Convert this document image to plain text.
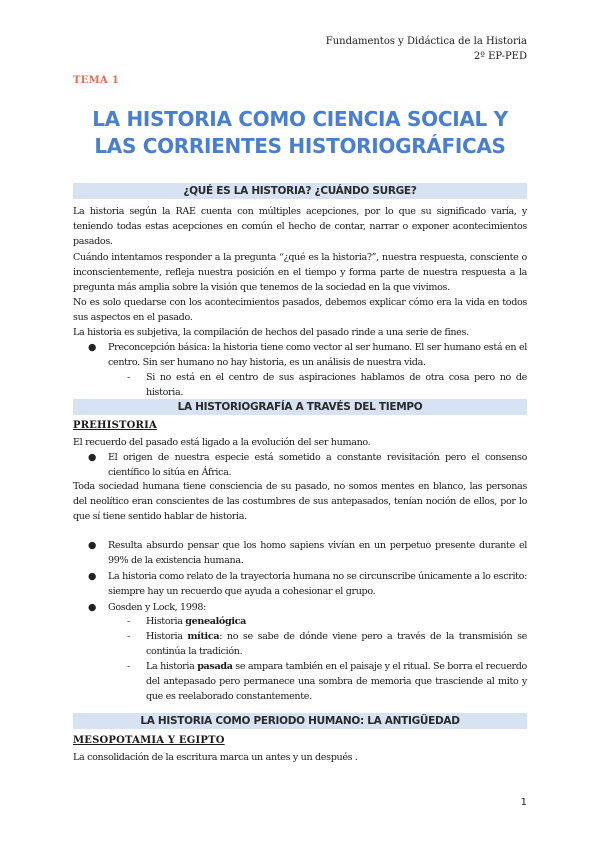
Fundamentos y Didáctica de la Historia
2º EP-PED
TEMA 1
LA HISTORIA COMO CIENCIA SOCIAL Y
LAS CORRIENTES HISTORIOGRÁFICAS
¿QUÉ ES LA HISTORIA? ¿CUÁNDO SURGE?
La historia según la RAE cuenta con múltiples acepciones, por lo que su significado varía, y teniendo todas estas acepciones en común el hecho de contar, narrar o exponer acontecimientos pasados.
Cuándo intentamos responder a la pregunta “¿qué es la historia?”, nuestra respuesta, consciente o inconscientemente, refleja nuestra posición en el tiempo y forma parte de nuestra respuesta a la pregunta más amplia sobre la visión que tenemos de la sociedad en la que vivimos.
No es solo quedarse con los acontecimientos pasados, debemos explicar cómo era la vida en todos sus aspectos en el pasado.
La historia es subjetiva, la compilación de hechos del pasado rinde a una serie de fines.
● Preconcepción básica: la historia tiene como vector al ser humano. El ser humano está en el centro. Sin ser humano no hay historia, es un análisis de nuestra vida.
- Si no está en el centro de sus aspiraciones hablamos de otra cosa pero no de historia.
LA HISTORIOGRAFÍA A TRAVÉS DEL TIEMPO
PREHISTORIA
El recuerdo del pasado está ligado a la evolución del ser humano.
● El origen de nuestra especie está sometido a constante revisitación pero el consenso científico lo sitúa en África.
Toda sociedad humana tiene consciencia de su pasado, no somos mentes en blanco, las personas del neolítico eran conscientes de las costumbres de sus antepasados, tenían noción de ellos, por lo que sí tiene sentido hablar de historia.
● Resulta absurdo pensar que los homo sapiens vivían en un perpetuo presente durante el 99% de la existencia humana.
● La historia como relato de la trayectoria humana no se circunscribe únicamente a lo escrito: siempre hay un recuerdo que ayuda a cohesionar el grupo.
● Gosden y Lock, 1998:
- Historia genealógica
- Historia mítica: no se sabe de dónde viene pero a través de la transmisión se continúa la tradición.
- La historia pasada se ampara también en el paisaje y el ritual. Se borra el recuerdo del antepasado pero permanece una sombra de memoria que trasciende al mito y que es reelaborado constantemente.
LA HISTORIA COMO PERIODO HUMANO: LA ANTIGÜEDAD
MESOPOTAMIA Y EGIPTO
La consolidación de la escritura marca un antes y un después .
1
